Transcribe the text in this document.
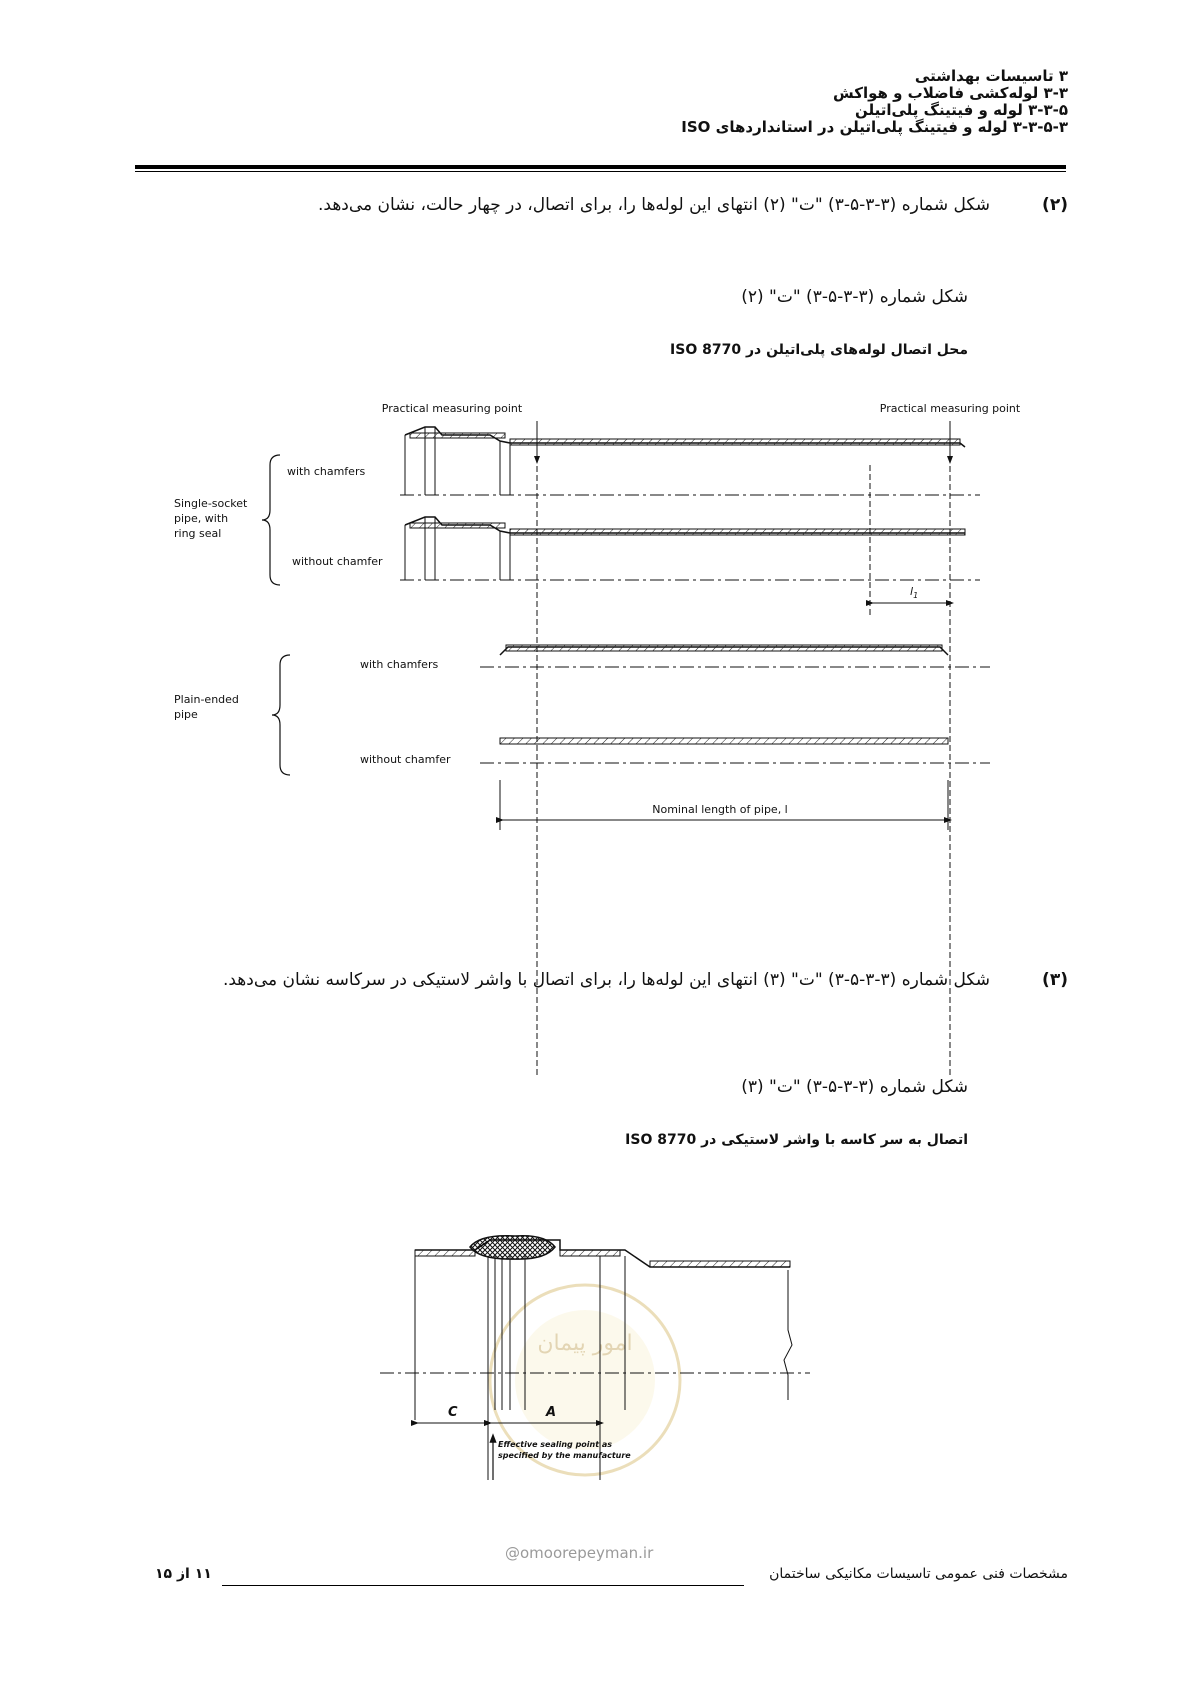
۳ تاسیسات بهداشتی
۳-۳ لوله‌کشی فاضلاب و هواکش
۳-۳-۵ لوله و فیتینگ پلی‌اتیلن
۳-۳-۵-۳ لوله و فیتینگ پلی‌اتیلن در استانداردهای ISO
(۲)
شکل شماره (۳-۳-۵-۳) "ت" (۲) انتهای این لوله‌ها را، برای اتصال، در چهار حالت، نشان می‌دهد.
شکل شماره (۳-۳-۵-۳) "ت" (۲)
محل اتصال لوله‌های پلی‌اتیلن در ISO 8770
Practical measuring point	Practical measuring point
$l_1$
Single-socket
pipe, with
ring seal
with chamfers
without chamfer
Plain-ended
pipe
with chamfers
without chamfer
Nominal length of pipe, l
(۳)
شکل شماره (۳-۳-۵-۳) "ت" (۳) انتهای این لوله‌ها را، برای اتصال با واشر لاستیکی در سرکاسه نشان می‌دهد.
شکل شماره (۳-۳-۵-۳) "ت" (۳)
اتصال به سر کاسه با واشر لاستیکی در ISO 8770
امور پیمان
C	A
Effective sealing point as
specified by the manufacture
@omoorepeyman.ir
مشخصات فنی عمومی تاسیسات مکانیکی ساختمان
۱۱ از ۱۵
